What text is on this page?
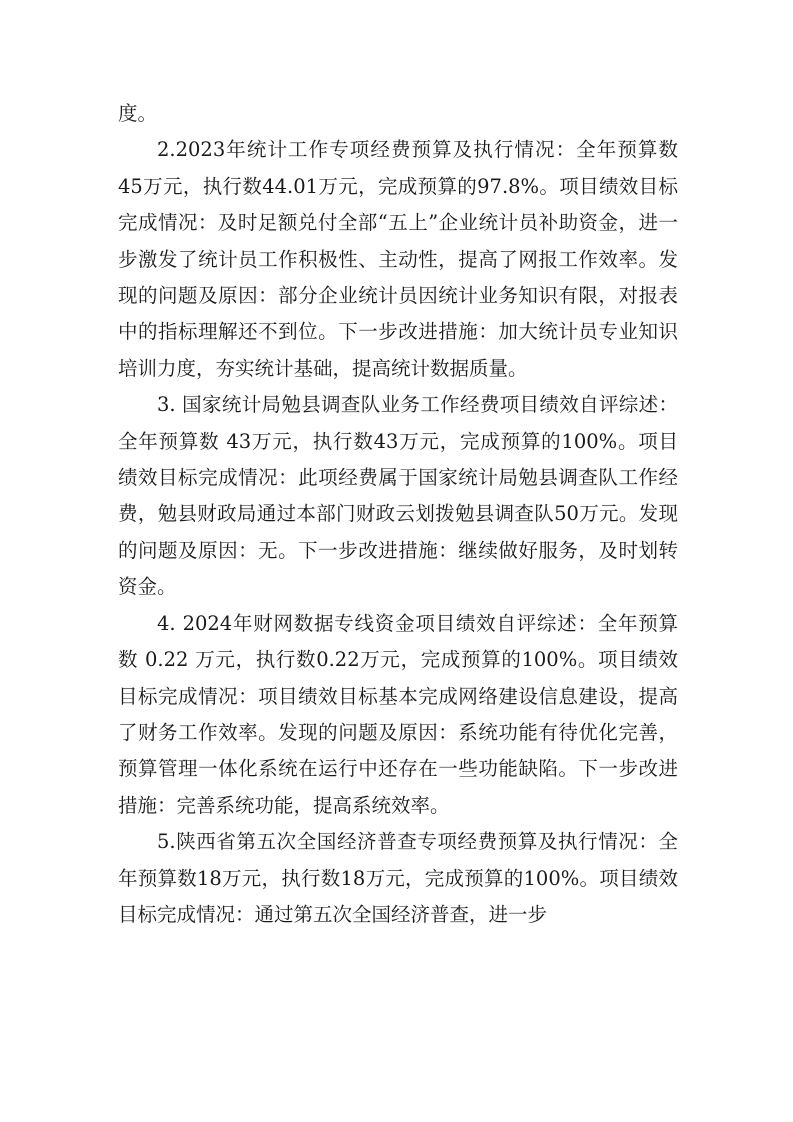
度。

2.2023年统计工作专项经费预算及执行情况：全年预算数45万元，执行数44.01万元，完成预算的97.8%。项目绩效目标完成情况：及时足额兑付全部“五上”企业统计员补助资金，进一步激发了统计员工作积极性、主动性，提高了网报工作效率。发现的问题及原因：部分企业统计员因统计业务知识有限，对报表中的指标理解还不到位。下一步改进措施：加大统计员专业知识培训力度，夯实统计基础，提高统计数据质量。

3. 国家统计局勉县调查队业务工作经费项目绩效自评综述：全年预算数 43万元，执行数43万元，完成预算的100%。项目绩效目标完成情况：此项经费属于国家统计局勉县调查队工作经费，勉县财政局通过本部门财政云划拨勉县调查队50万元。发现的问题及原因：无。下一步改进措施：继续做好服务，及时划转资金。

4. 2024年财网数据专线资金项目绩效自评综述：全年预算数 0.22 万元，执行数0.22万元，完成预算的100%。项目绩效目标完成情况：项目绩效目标基本完成网络建设信息建设，提高了财务工作效率。发现的问题及原因：系统功能有待优化完善，预算管理一体化系统在运行中还存在一些功能缺陷。下一步改进措施：完善系统功能，提高系统效率。

5.陕西省第五次全国经济普查专项经费预算及执行情况：全年预算数18万元，执行数18万元，完成预算的100%。项目绩效目标完成情况：通过第五次全国经济普查，进一步
